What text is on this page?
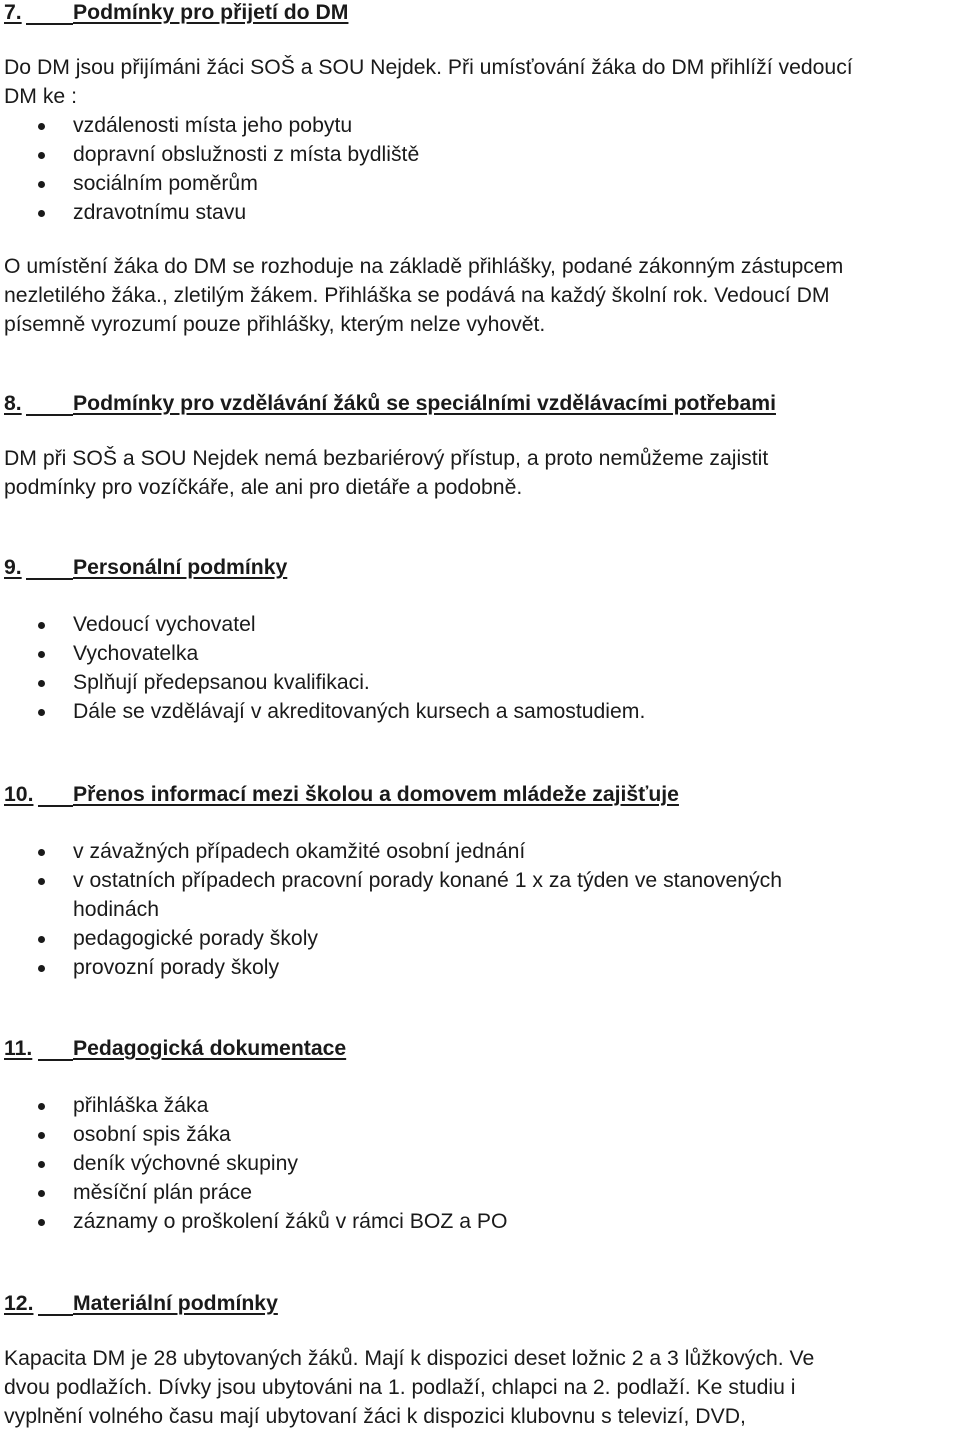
7. Podmínky pro přijetí do DM

Do DM jsou přijímáni žáci SOŠ a SOU Nejdek. Při umísťování žáka do DM přihlíží vedoucí
DM ke :

vzdálenosti místa jeho pobytu
dopravní obslužnosti z místa bydliště
sociálním poměrům
zdravotnímu stavu

O umístění žáka do DM se rozhoduje na základě přihlášky, podané zákonným zástupcem
nezletilého žáka., zletilým žákem. Přihláška se podává na každý školní rok. Vedoucí DM
písemně vyrozumí pouze přihlášky, kterým nelze vyhovět.

8. Podmínky pro vzdělávání žáků se speciálními vzdělávacími potřebami

DM při SOŠ a SOU Nejdek nemá bezbariérový přístup, a proto nemůžeme zajistit
podmínky pro vozíčkáře, ale ani pro dietáře a podobně.

9. Personální podmínky
Vedoucí vychovatel
Vychovatelka
Splňují předepsanou kvalifikaci.
Dále se vzdělávají v akreditovaných kursech a samostudiem.
10. Přenos informací mezi školou a domovem mládeže zajišťuje
v závažných případech okamžité osobní jednání
v ostatních případech pracovní porady konané 1 x za týden ve stanovených
hodinách
pedagogické porady školy
provozní porady školy
11. Pedagogická dokumentace
přihláška žáka
osobní spis žáka
deník výchovné skupiny
měsíční plán práce
záznamy o proškolení žáků v rámci BOZ a PO
12. Materiální podmínky

Kapacita DM je 28 ubytovaných žáků. Mají k dispozici deset ložnic 2 a 3 lůžkových. Ve
dvou podlažích. Dívky jsou ubytováni na 1. podlaží, chlapci na 2. podlaží. Ke studiu i
vyplnění volného času mají ubytovaní žáci k dispozici klubovnu s televizí, DVD,
